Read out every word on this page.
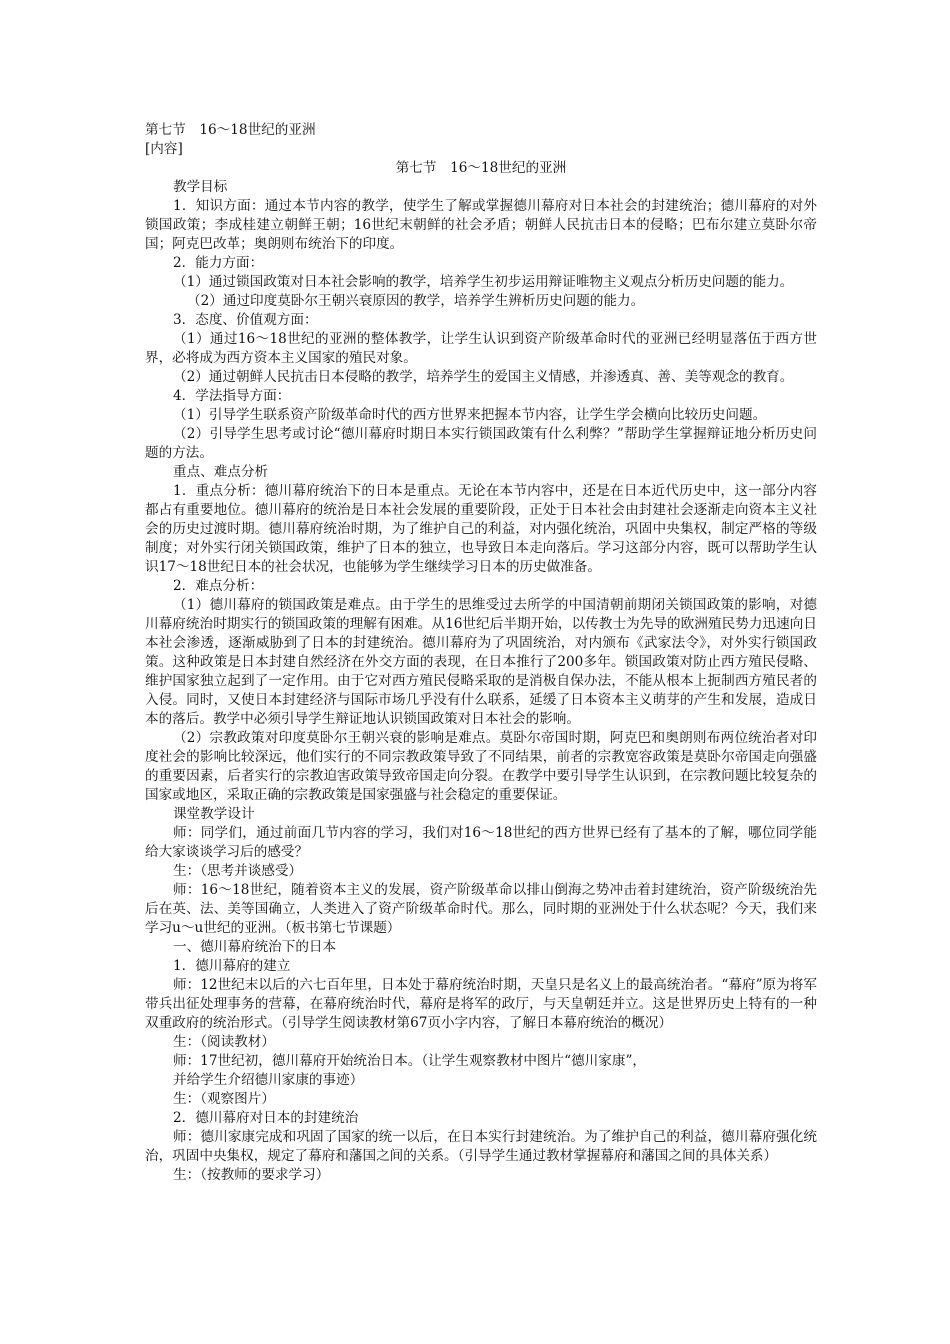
第七节　16～18世纪的亚洲

[内容]

第七节　16～18世纪的亚洲

教学目标

1．知识方面：通过本节内容的教学，使学生了解或掌握德川幕府对日本社会的封建统治；德川幕府的对外锁国政策；李成桂建立朝鲜王朝；16世纪末朝鲜的社会矛盾；朝鲜人民抗击日本的侵略；巴布尔建立莫卧尔帝国；阿克巴改革；奥朗则布统治下的印度。

2．能力方面：

（1）通过锁国政策对日本社会影响的教学，培养学生初步运用辩证唯物主义观点分析历史问题的能力。

（2）通过印度莫卧尔王朝兴衰原因的教学，培养学生辨析历史问题的能力。

3．态度、价值观方面：

（1）通过16～18世纪的亚洲的整体教学，让学生认识到资产阶级革命时代的亚洲已经明显落伍于西方世界，必将成为西方资本主义国家的殖民对象。

（2）通过朝鲜人民抗击日本侵略的教学，培养学生的爱国主义情感，并渗透真、善、美等观念的教育。

4．学法指导方面：

（1）引导学生联系资产阶级革命时代的西方世界来把握本节内容，让学生学会横向比较历史问题。

（2）引导学生思考或讨论“德川幕府时期日本实行锁国政策有什么利弊？”帮助学生掌握辩证地分析历史问题的方法。

重点、难点分析

1．重点分析：德川幕府统治下的日本是重点。无论在本节内容中，还是在日本近代历史中，这一部分内容都占有重要地位。德川幕府的统治是日本社会发展的重要阶段，正处于日本社会由封建社会逐渐走向资本主义社会的历史过渡时期。德川幕府统治时期，为了维护自己的利益，对内强化统治，巩固中央集权，制定严格的等级制度；对外实行闭关锁国政策，维护了日本的独立，也导致日本走向落后。学习这部分内容，既可以帮助学生认识17～18世纪日本的社会状况，也能够为学生继续学习日本的历史做准备。

2．难点分析：

（1）德川幕府的锁国政策是难点。由于学生的思维受过去所学的中国清朝前期闭关锁国政策的影响，对德川幕府统治时期实行的锁国政策的理解有困难。从16世纪后半期开始，以传教士为先导的欧洲殖民势力迅速向日本社会渗透，逐渐威胁到了日本的封建统治。德川幕府为了巩固统治，对内颁布《武家法令》，对外实行锁国政策。这种政策是日本封建自然经济在外交方面的表现，在日本推行了200多年。锁国政策对防止西方殖民侵略、维护国家独立起到了一定作用。由于它对西方殖民侵略采取的是消极自保办法，不能从根本上扼制西方殖民者的入侵。同时，又使日本封建经济与国际市场几乎没有什么联系，延缓了日本资本主义萌芽的产生和发展，造成日本的落后。教学中必须引导学生辩证地认识锁国政策对日本社会的影响。

（2）宗教政策对印度莫卧尔王朝兴衰的影响是难点。莫卧尔帝国时期，阿克巴和奥朗则布两位统治者对印度社会的影响比较深远，他们实行的不同宗教政策导致了不同结果，前者的宗教宽容政策是莫卧尔帝国走向强盛的重要因素，后者实行的宗教迫害政策导致帝国走向分裂。在教学中要引导学生认识到，在宗教问题比较复杂的国家或地区，采取正确的宗教政策是国家强盛与社会稳定的重要保证。

课堂教学设计

师：同学们，通过前面几节内容的学习，我们对16～18世纪的西方世界已经有了基本的了解，哪位同学能给大家谈谈学习后的感受？

生：（思考并谈感受）

师：16～18世纪，随着资本主义的发展，资产阶级革命以排山倒海之势冲击着封建统治，资产阶级统治先后在英、法、美等国确立，人类进入了资产阶级革命时代。那么，同时期的亚洲处于什么状态呢？今天，我们来学习u～u世纪的亚洲。（板书第七节课题）

一、德川幕府统治下的日本

1．德川幕府的建立

师：12世纪末以后的六七百年里，日本处于幕府统治时期，天皇只是名义上的最高统治者。“幕府”原为将军带兵出征处理事务的营幕，在幕府统治时代，幕府是将军的政厅，与天皇朝廷并立。这是世界历史上特有的一种双重政府的统治形式。（引导学生阅读教材第67页小字内容，了解日本幕府统治的概况）

生：（阅读教材）

师：17世纪初，德川幕府开始统治日本。（让学生观察教材中图片“德川家康”，

并给学生介绍德川家康的事迹）

生：（观察图片）

2．德川幕府对日本的封建统治

师：德川家康完成和巩固了国家的统一以后，在日本实行封建统治。为了维护自己的利益，德川幕府强化统治，巩固中央集权，规定了幕府和藩国之间的关系。（引导学生通过教材掌握幕府和藩国之间的具体关系）

生：（按教师的要求学习）
